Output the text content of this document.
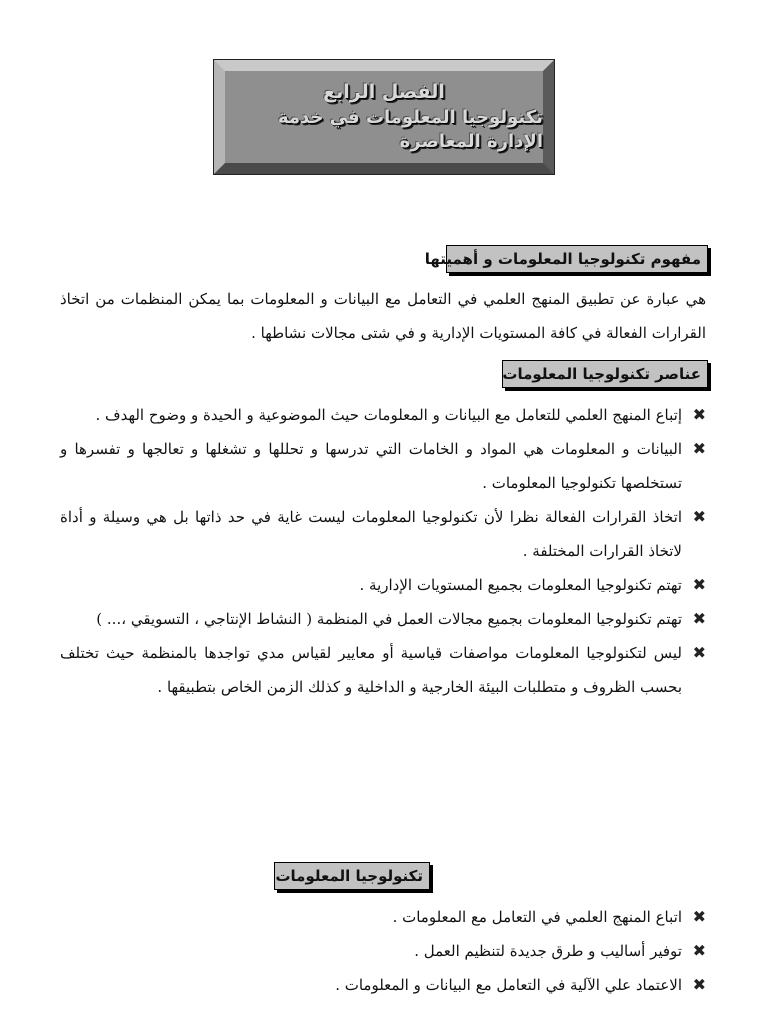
الفصل الرابع
تكنولوجيا المعلومات في خدمة الإدارة المعاصرة
مفهوم تكنولوجيا المعلومات و أهميتها

هي عبارة عن تطبيق المنهج العلمي في التعامل مع البيانات و المعلومات بما يمكن المنظمات من اتخاذ القرارات الفعالة في كافة المستويات الإدارية و في شتى مجالات نشاطها .

عناصر تكنولوجيا المعلومات
✖
إتباع المنهج العلمي للتعامل مع البيانات و المعلومات حيث الموضوعية و الحيدة و وضوح الهدف .
✖
البيانات و المعلومات هي المواد و الخامات التي تدرسها و تحللها و تشغلها و تعالجها و تفسرها و تستخلصها تكنولوجيا المعلومات .
✖
اتخاذ القرارات الفعالة نظرا لأن تكنولوجيا المعلومات ليست غاية في حد ذاتها بل هي وسيلة و أداة لاتخاذ القرارات المختلفة .
✖
تهتم تكنولوجيا المعلومات بجميع المستويات الإدارية .
✖
تهتم تكنولوجيا المعلومات بجميع مجالات العمل في المنظمة ( النشاط الإنتاجي ، التسويقي ،... )
✖
ليس لتكنولوجيا المعلومات مواصفات قياسية أو معايير لقياس مدي تواجدها بالمنظمة حيث تختلف بحسب الظروف و متطلبات البيئة الخارجية و الداخلية و كذلك الزمن الخاص بتطبيقها .
تكنولوجيا المعلومات
✖
اتباع المنهج العلمي في التعامل مع المعلومات .
✖
توفير أساليب و طرق جديدة لتنظيم العمل .
✖
الاعتماد علي الآلية في التعامل مع البيانات و المعلومات .
